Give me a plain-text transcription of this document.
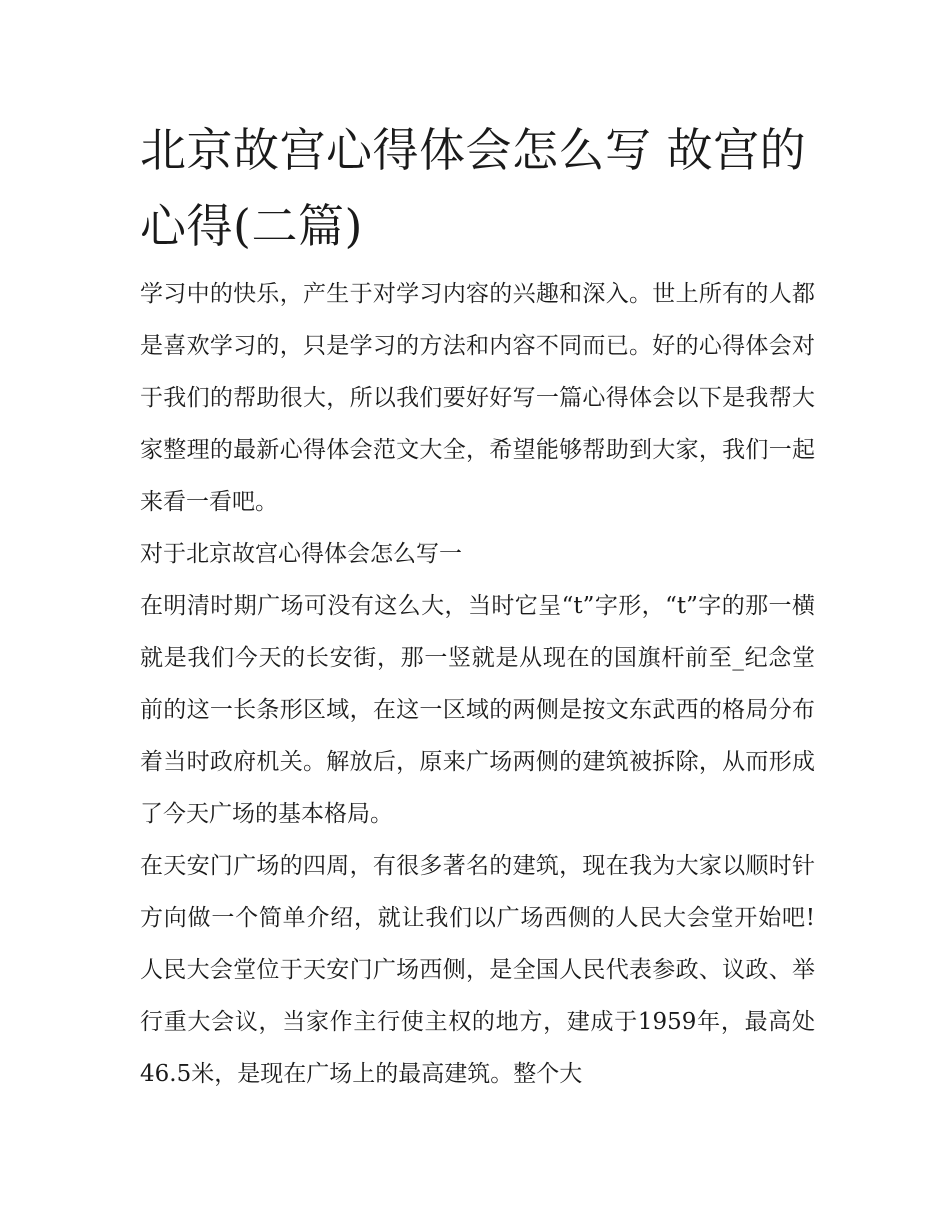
北京故宫心得体会怎么写 故宫的心得(二篇)

学习中的快乐，产生于对学习内容的兴趣和深入。世上所有的人都是喜欢学习的，只是学习的方法和内容不同而已。好的心得体会对于我们的帮助很大，所以我们要好好写一篇心得体会以下是我帮大家整理的最新心得体会范文大全，希望能够帮助到大家，我们一起来看一看吧。

对于北京故宫心得体会怎么写一

在明清时期广场可没有这么大，当时它呈“t”字形，“t”字的那一横就是我们今天的长安街，那一竖就是从现在的国旗杆前至_纪念堂前的这一长条形区域，在这一区域的两侧是按文东武西的格局分布着当时政府机关。解放后，原来广场两侧的建筑被拆除，从而形成了今天广场的基本格局。

在天安门广场的四周，有很多著名的建筑，现在我为大家以顺时针方向做一个简单介绍，就让我们以广场西侧的人民大会堂开始吧!人民大会堂位于天安门广场西侧，是全国人民代表参政、议政、举行重大会议，当家作主行使主权的地方，建成于1959年，最高处46.5米，是现在广场上的最高建筑。整个大
